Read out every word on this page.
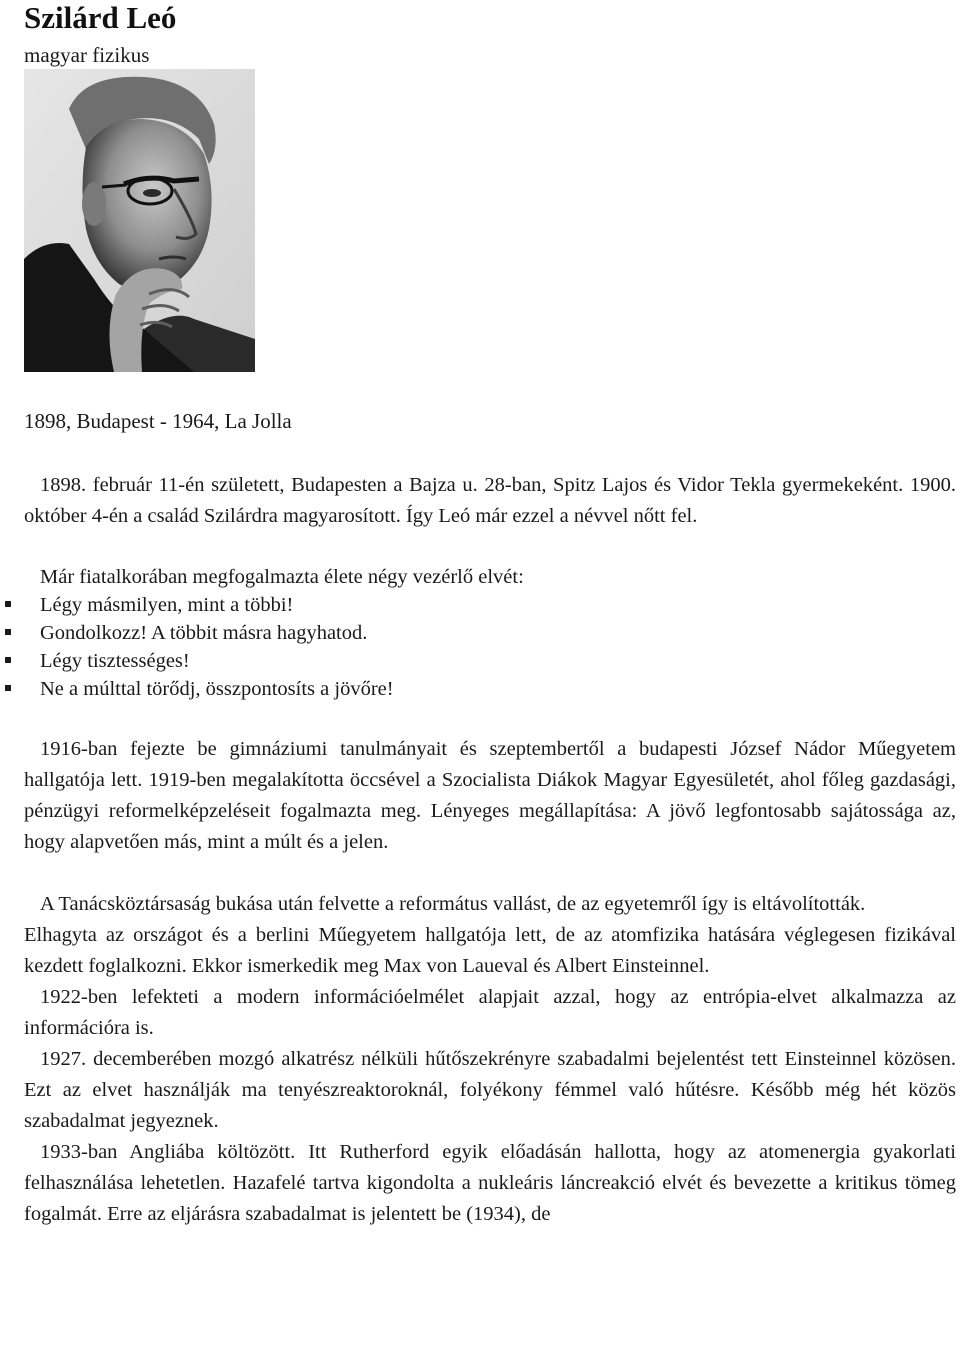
Szilárd Leó
magyar fizikus
1898, Budapest - 1964, La Jolla

1898. február 11-én született, Budapesten a Bajza u. 28-ban, Spitz Lajos és Vidor Tekla gyermekeként. 1900. október 4-én a család Szilárdra magyarosított. Így Leó már ezzel a névvel nőtt fel.

Már fiatalkorában megfogalmazta élete négy vezérlő elvét:

Légy másmilyen, mint a többi!
Gondolkozz! A többit másra hagyhatod.
Légy tisztességes!
Ne a múlttal törődj, összpontosíts a jövőre!

1916-ban fejezte be gimnáziumi tanulmányait és szeptembertől a budapesti József Nádor Műegyetem hallgatója lett. 1919-ben megalakította öccsével a Szocialista Diákok Magyar Egyesületét, ahol főleg gazdasági, pénzügyi reformelképzeléseit fogalmazta meg. Lényeges megállapítása: A jövő legfontosabb sajátossága az, hogy alapvetően más, mint a múlt és a jelen.

A Tanácsköztársaság bukása után felvette a református vallást, de az egyetemről így is eltávolították.

Elhagyta az országot és a berlini Műegyetem hallgatója lett, de az atomfizika hatására véglegesen fizikával kezdett foglalkozni. Ekkor ismerkedik meg Max von Laueval és Albert Einsteinnel.

1922-ben lefekteti a modern információelmélet alapjait azzal, hogy az entrópia-elvet alkalmazza az információra is.

1927. decemberében mozgó alkatrész nélküli hűtőszekrényre szabadalmi bejelentést tett Einsteinnel közösen. Ezt az elvet használják ma tenyészreaktoroknál, folyékony fémmel való hűtésre. Később még hét közös szabadalmat jegyeznek.

1933-ban Angliába költözött. Itt Rutherford egyik előadásán hallotta, hogy az atomenergia gyakorlati felhasználása lehetetlen. Hazafelé tartva kigondolta a nukleáris láncreakció elvét és bevezette a kritikus tömeg fogalmát. Erre az eljárásra szabadalmat is jelentett be (1934), de
